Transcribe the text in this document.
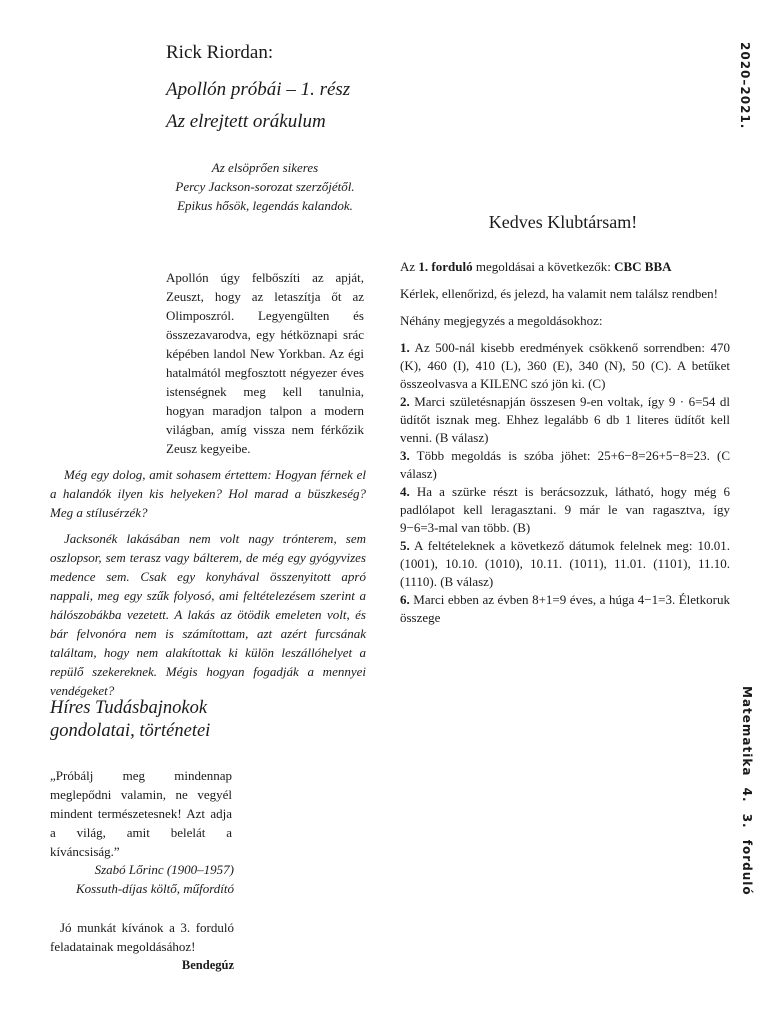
2020–2021.
Matematika 4. 3. forduló
Rick Riordan:
Apollón próbái – 1. rész
Az elrejtett orákulum
Az elsöprően sikeres
Percy Jackson-sorozat szerzőjétől.
Epikus hősök, legendás kalandok.
Apollón úgy felbőszíti az apját, Zeuszt, hogy az letaszítja őt az Olimposzról. Legyengülten és összezavarodva, egy hétköznapi srác képében landol New Yorkban. Az égi hatalmától megfosztott négyezer éves istenségnek meg kell tanulnia, hogyan maradjon talpon a modern világban, amíg vissza nem férkőzik Zeusz kegyeibe.

Még egy dolog, amit sohasem értettem: Hogyan férnek el a halandók ilyen kis helyeken? Hol marad a büszkeség? Meg a stílusérzék?

Jacksonék lakásában nem volt nagy trónterem, sem oszlopsor, sem terasz vagy bálterem, de még egy gyógyvizes medence sem. Csak egy konyhával összenyitott apró nappali, meg egy szűk folyosó, ami feltételezésem szerint a hálószobákba vezetett. A lakás az ötödik emeleten volt, és bár felvonóra nem is számítottam, azt azért furcsának találtam, hogy nem alakítottak ki külön leszállóhelyet a repülő szekereknek. Mégis hogyan fogadják a mennyei vendégeket?

Híres Tudásbajnokok
gondolatai, történetei
„Próbálj meg mindennap meglepődni valamin, ne vegyél mindent természetesnek! Azt adja a világ, amit belelát a kíváncsiság.”
Szabó Lőrinc (1900–1957)
Kossuth-díjas költő, műfordító
Jó munkát kívánok a 3. forduló feladatainak megoldásához!
Bendegúz
Kedves Klubtársam!

Az 1. forduló megoldásai a következők: CBC BBA

Kérlek, ellenőrizd, és jelezd, ha valamit nem találsz rendben!

Néhány megjegyzés a megoldásokhoz:

1. Az 500-nál kisebb eredmények csökkenő sorrendben: 470 (K), 460 (I), 410 (L), 360 (E), 340 (N), 50 (C). A betűket összeolvasva a KILENC szó jön ki. (C)

2. Marci születésnapján összesen 9-en voltak, így 9 · 6=54 dl üdítőt isznak meg. Ehhez legalább 6 db 1 literes üdítőt kell venni. (B válasz)

3. Több megoldás is szóba jöhet: 25+6−8=26+5−8=23. (C válasz)

4. Ha a szürke részt is berácsozzuk, látható, hogy még 6 padlólapot kell leragasztani. 9 már le van ragasztva, így 9−6=3-mal van több. (B)

5. A feltételeknek a következő dátumok felelnek meg: 10.01. (1001), 10.10. (1010), 10.11. (1011), 11.01. (1101), 11.10. (1110). (B válasz)

6. Marci ebben az évben 8+1=9 éves, a húga 4−1=3. Életkoruk összege
